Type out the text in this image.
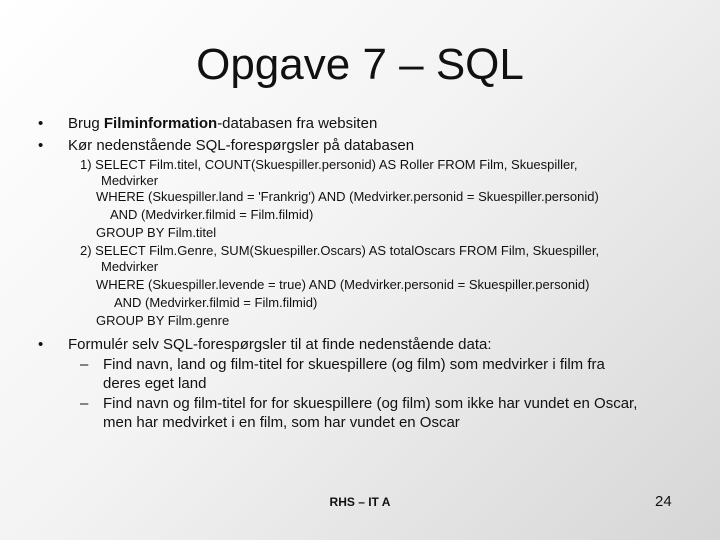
Opgave 7 – SQL
• Brug Filminformation-databasen fra websiten
• Kør nedenstående SQL-forespørgsler på databasen
1) SELECT Film.titel, COUNT(Skuespiller.personid) AS Roller FROM Film, Skuespiller,
Medvirker
WHERE (Skuespiller.land = 'Frankrig') AND (Medvirker.personid = Skuespiller.personid)
AND (Medvirker.filmid = Film.filmid)
GROUP BY Film.titel
2) SELECT Film.Genre, SUM(Skuespiller.Oscars) AS totalOscars FROM Film, Skuespiller,
Medvirker
WHERE (Skuespiller.levende = true) AND (Medvirker.personid = Skuespiller.personid)
AND (Medvirker.filmid = Film.filmid)
GROUP BY Film.genre
• Formulér selv SQL-forespørgsler til at finde nedenstående data:
– Find navn, land og film-titel for skuespillere (og film) som medvirker i film fra
deres eget land
– Find navn og film-titel for for skuespillere (og film) som ikke har vundet en Oscar,
men har medvirket i en film, som har vundet en Oscar
RHS – IT A	24
